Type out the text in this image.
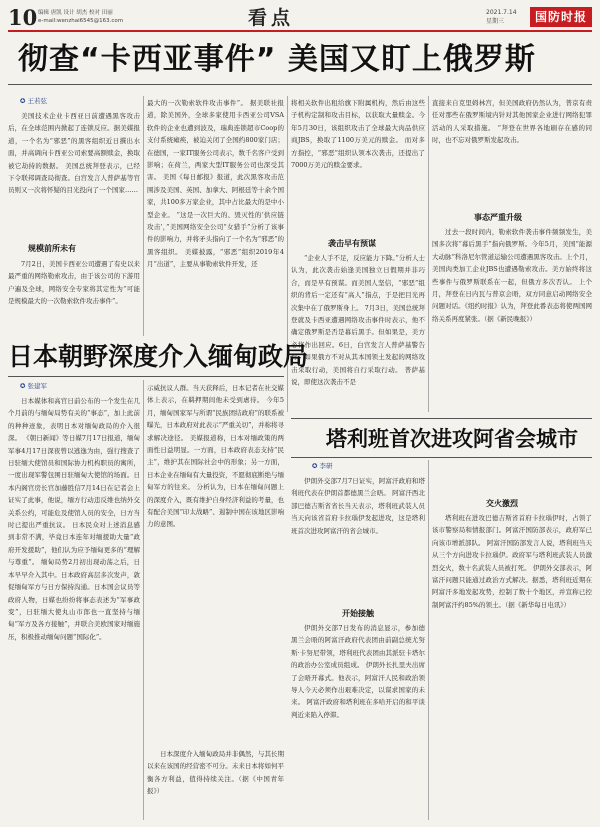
10 编辑 唐凯 设计 胡杰 校对 田丽
e-mail:wenzhai6545@163.com	看点	2021.7.14
星期三	国防时报
彻查“卡西亚事件” 美国又盯上俄罗斯
✪ 王若弦
美国技术企业卡西亚日前遭遇黑客攻击后，在全球范围内掀起了连锁反应。据美媒报道，一个名为“邪恶”的黑客组织近日撰出水面，并高调向卡西亚公司索要高额赎金，换取被它劫持的数据。 美国总统拜登表示，已经下令联邦调查局彻查。白宫发言人普萨基等官员则又一次将怀疑的目光投向了一个国家……
规模前所未有
7月2日，美国卡西亚公司遭遇了有史以来最严重的网络勒索攻击，由于该公司的下游用户遍及全球，网络安全专家将其定性为“可能是规模最大的一次勒索软件攻击事件”。
最大的一次勒索软件攻击事件”。 据美联社报道，除美国外，全球多家使用卡西亚公司VSA软件的企业也遭到波及，瑞典连锁超市Coop的支付系统瘫痪，被迫关闭了全国约800家门店；在德国，一家IT服务公司表示，数千名客户受到影响；在荷兰，两家大型IT服务公司也深受其害。 美国《每日邮报》报道，此次黑客攻击范围涉及美国、英国、加拿大、阿根廷等十余个国家，共100多万家企业，其中占比最大的是中小型企业。 “这是一次巨大的、毁灭性的‘供应链攻击’，”美国网络安全公司“女猎手”分析了该事件的影响力，并将矛头指向了一个名为“邪恶”的黑客组织。 美媒披露，“邪恶”组织2019年4月“出道”，主要从事勒索软件开发，还
将相关软件出租给旗下附属机构，然后由这些子机构定制和攻击目标，以获取大量赎金。今年5月30日，该组织攻击了全球最大肉品供应商JBS，换取了1100万美元的赎金。 而对多方指控，“邪恶”组织认领本次袭击，还提出了7000万美元的赎金要求。
袭击早有预谋
“企业人手不足，反应能力下降。”分析人士认为，此次袭击始逢美国独立日假期并非巧合，而是早有预谋。而美国人坚信，“邪恶”组织的背后一定还有“高人”指点，于是把目光再次集中在了俄罗斯身上。 7月3日，美国总统拜登就及卡西亚遭遇网络攻击事件时表示，他不确定俄罗斯是否是幕后黑手。但如果是，美方必将作出回应。6日，白宫发言人普萨基警告称，如果俄方不对从其本国领土发起的网络攻击采取行动，美国将自行采取行动。 普萨基说，即使这次袭击不是
直接来自克里姆林宫，但美国政府仍然认为，普京有责任对那些在俄罗斯境内针对其他国家企业进行网络犯罪活动的人采取措施。 “拜登在世界各地刷存在感的同时，也不忘对俄罗斯发起攻击。
事态严重升级
过去一段时间内，勒索软件袭击事件频频发生，美国多次将“幕后黑手”指向俄罗斯。今年5月，美国“能源大动脉”科洛尼尔管道运输公司遭遇黑客攻击。上个月，美国肉类加工企业JBS也遭遇勒索攻击。美方始终将这些事件与俄罗斯联系在一起，但俄方多次否认。 上个月，拜登在日内瓦与普京会晤，双方同意启动网络安全问题对话。《纽约时报》认为，拜登此番表态将使两国网络关系再度紧张。（据《新民晚报》）
日本朝野深度介入缅甸政局
✪ 张建军
日本媒体和高官日前公布的一个发生在几个月前的与缅甸局势有关的“事态”，加上此前的种种迹象，表明日本对缅甸政局的介入很深。 《朝日新闻》等日媒7月17日报道，缅甸军事4月17日深夜曾以逃逸为由，强行搜查了日驻缅大使馆员和国际协力机构职员的寓所，一度出现军警包围日驻缅甸大使馆的场面。日本内阁官房长官加藤胜信7月14日在记者会上证实了此事，他说，缅方行动违反维也纳外交关系公约，可能危及使馆人员的安全，日方当时已提出严重抗议。 日本民众对上述消息感到非常不满，毕竟日本连年对缅援助大量“政府开发援助”，他们认为应予缅甸更多的“理解与尊重”。 缅甸局势2月初出现动荡之后，日本早早介入其中。日本政府高层多次发声，敦促缅甸军方与日方保持沟通。日本国会议员等政府人物，日媒也纷纷将事态表述为“军事政变”，日驻缅大使丸山市郎也一直坚持与缅甸“军方及各方接触”，并联合美欧国家对缅施压，积极推动缅甸问题“国际化”。
示威抗议人群。当天获释后，日本记者在社交媒体上表示，在羁押期间他未受到虐待。 今年5月，缅甸国家军与所谓“民族团结政府”的联系被曝光，日本政府对此表示“严重关切”，并称将寻求解决途径。 美媒报道称，日本对缅政策的两面性日益明显。一方面，日本政府表态支持“民主”，维护其在国际社会中的形象；另一方面，日本企业在缅甸有大量投资，不愿彻底断绝与缅甸军方的往来。 分析认为，日本在缅甸问题上的深度介入，既有维护自身经济利益的考量，也有配合美国“印太战略”、遏制中国在该地区影响力的意图。
日本深度介入缅甸政局并非偶然，与其长期以来在该国的经营密不可分。未来日本将如何平衡各方利益，值得持续关注。（据《中国青年报》）
塔利班首次进攻阿省会城市
✪ 李研
伊朗外交部7月7日证实，阿富汗政府和塔利班代表在伊朗首都德黑兰会晤。 阿富汗西北部巴德吉斯省省长当天表示，塔利班武装人员当天向该省首府卡拉瑙伊发起进攻，这是塔利班首次进攻阿富汗的省会城市。
开始接触
伊朗外交部7日发布的消息显示，参加德黑兰会晤的阿富汗政府代表团由前副总统尤努斯·卡努尼带领，塔利班代表团由其派驻卡塔尔的政治办公室成员组成。 伊朗外长扎里夫出席了会晤开幕式。他表示，阿富汗人民和政治领导人今天必须作出艰难决定，以谋求国家的未来。 阿富汗政府和塔利班在多哈开启的和平谈判近来陷入停滞。
交火激烈
塔利班在进攻巴德吉斯省首府卡拉瑙伊时，占领了该市警察局和情报部门。阿富汗国防部表示，政府军已向该市增派部队。 阿富汗国防部发言人说，塔利班当天从三个方向进攻卡拉瑙伊。政府军与塔利班武装人员激烈交火，数十名武装人员被打死。 伊朗外交部表示，阿富汗问题只能通过政治方式解决。据悉，塔利班近期在阿富汗多地发起攻势，控制了数十个地区，并宣称已控制阿富汗约85%的领土。（据《新华每日电讯》）
